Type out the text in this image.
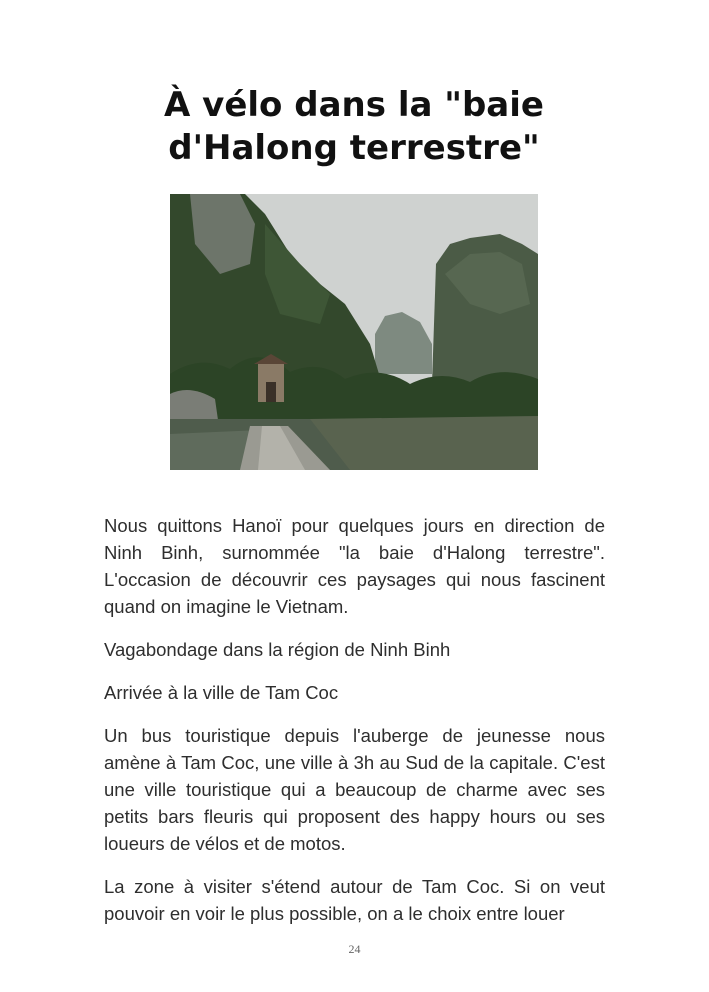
À vélo dans la "baie d'Halong terrestre"

Nous quittons Hanoï pour quelques jours en direction de Ninh Binh, surnommée "la baie d'Halong terrestre". L'occasion de découvrir ces paysages qui nous fascinent quand on imagine le Vietnam.

Vagabondage dans la région de Ninh Binh

Arrivée à la ville de Tam Coc

Un bus touristique depuis l'auberge de jeunesse nous amène à Tam Coc, une ville à 3h au Sud de la capitale. C'est une ville touristique qui a beaucoup de charme avec ses petits bars fleuris qui proposent des happy hours ou ses loueurs de vélos et de motos.

La zone à visiter s'étend autour de Tam Coc. Si on veut pouvoir en voir le plus possible, on a le choix entre louer

24
